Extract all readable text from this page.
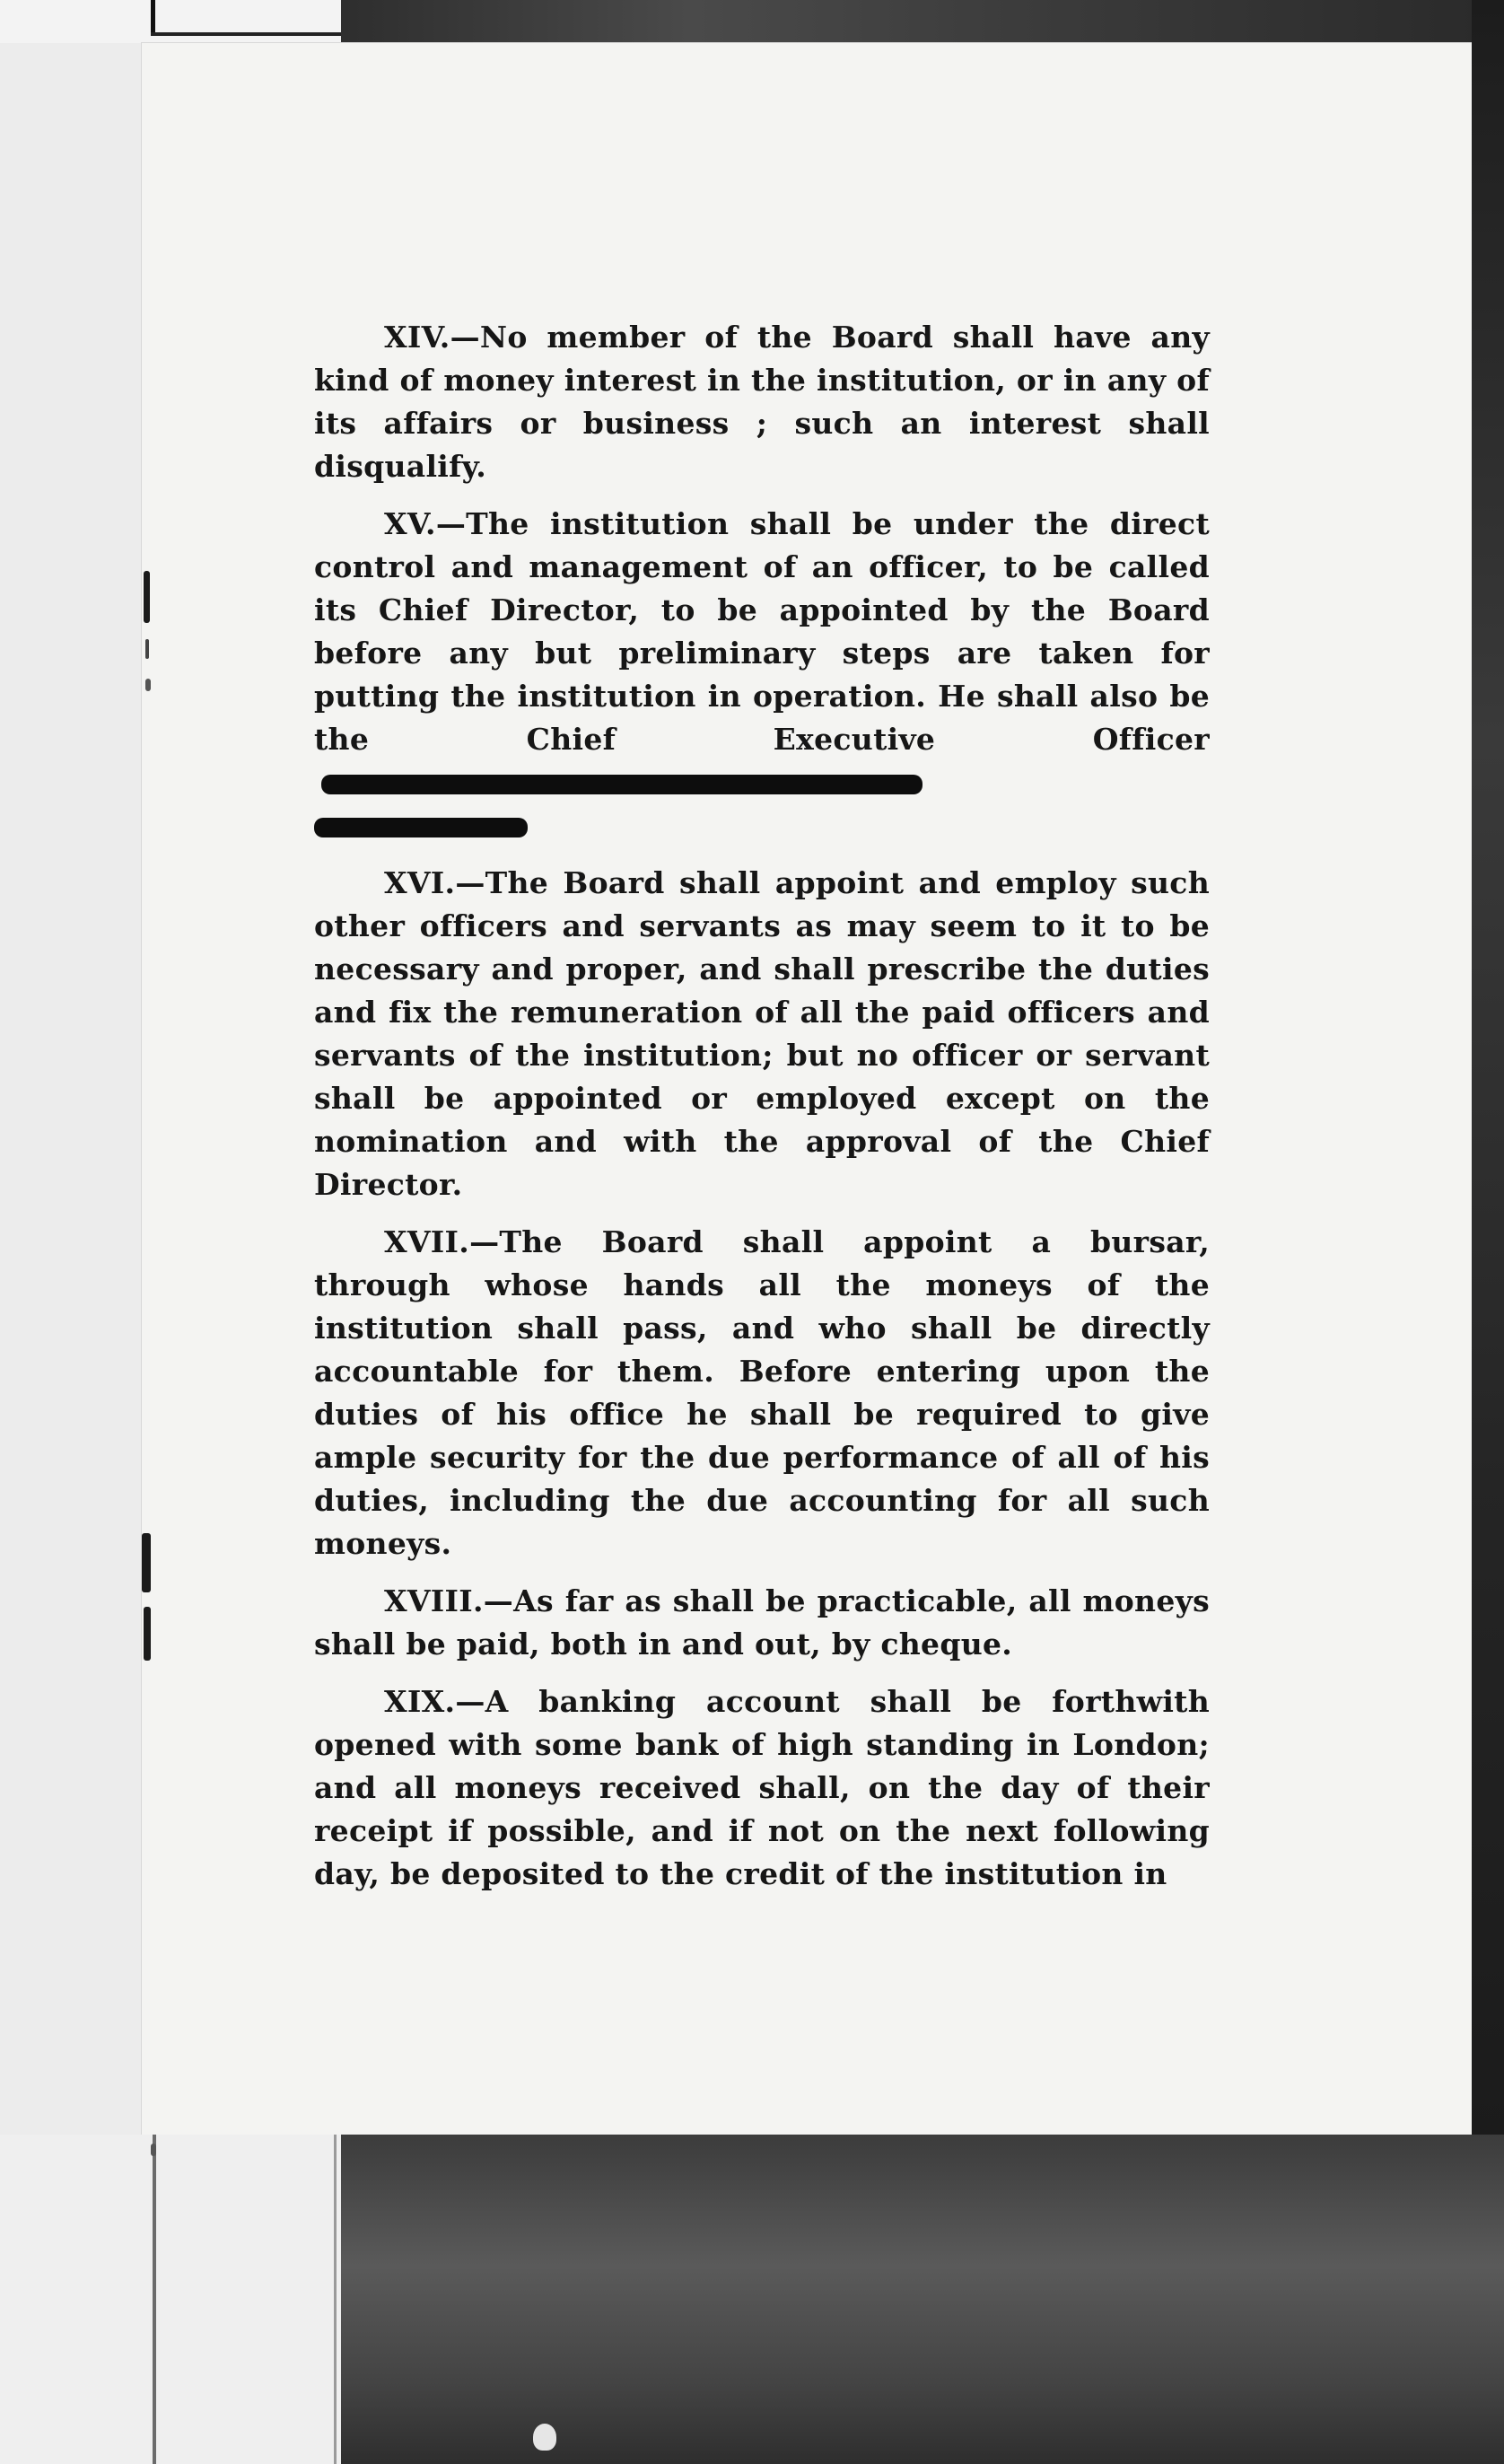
XIV.—No member of the Board shall have any kind of money interest in the institution, or in any of its affairs or business ; such an interest shall disqualify.

XV.—The institution shall be under the direct control and management of an officer, to be called its Chief Director, to be appointed by the Board before any but preliminary steps are taken for putting the institution in operation. He shall also be the Chief Executive Officer

XVI.—The Board shall appoint and employ such other officers and servants as may seem to it to be necessary and proper, and shall prescribe the duties and fix the remuneration of all the paid officers and servants of the institution; but no officer or servant shall be appointed or employed except on the nomination and with the approval of the Chief Director.

XVII.—The Board shall appoint a bursar, through whose hands all the moneys of the institution shall pass, and who shall be directly accountable for them. Before entering upon the duties of his office he shall be required to give ample security for the due performance of all of his duties, including the due accounting for all such moneys.

XVIII.—As far as shall be practicable, all moneys shall be paid, both in and out, by cheque.

XIX.—A banking account shall be forthwith opened with some bank of high standing in London; and all moneys received shall, on the day of their receipt if possible, and if not on the next following day, be deposited to the credit of the institution in
